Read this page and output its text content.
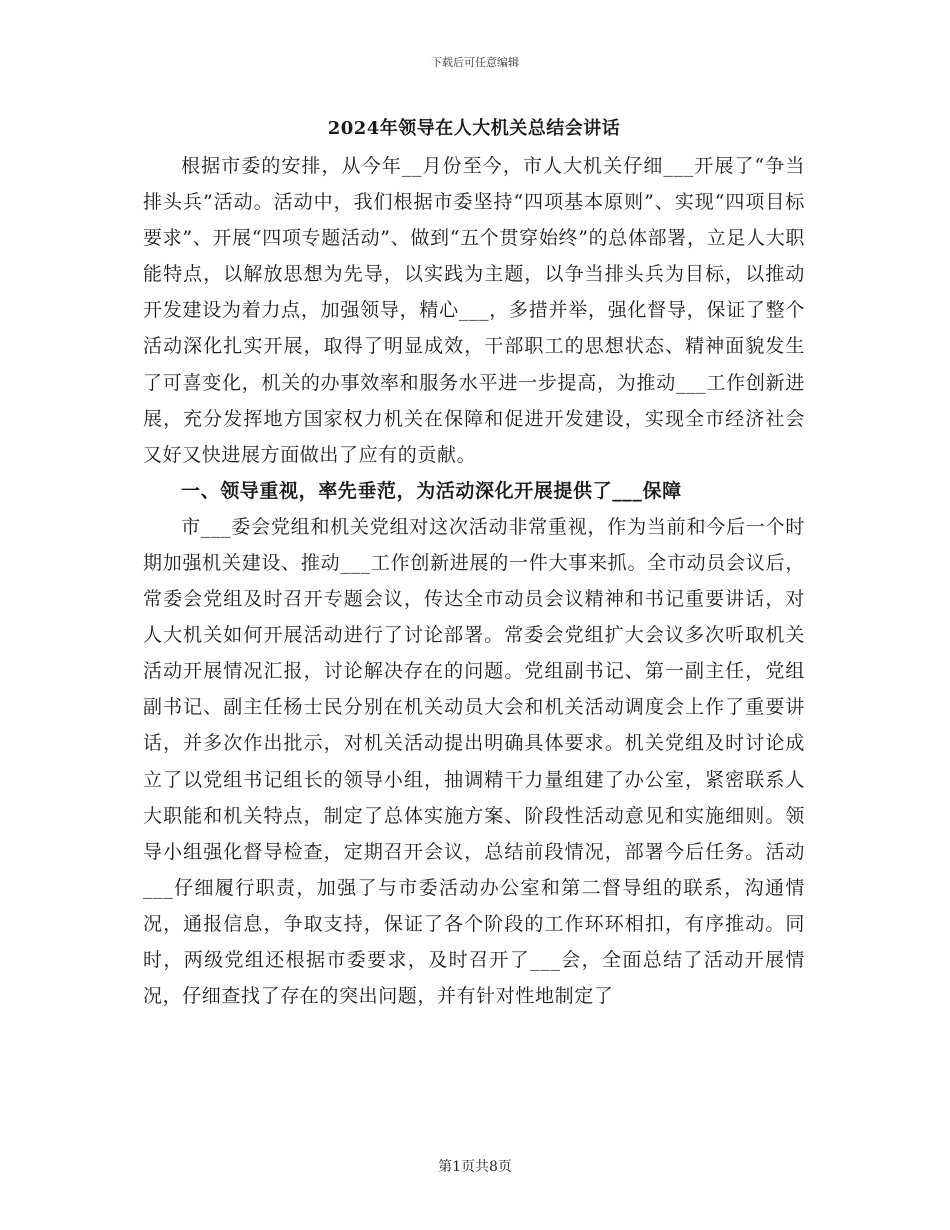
下载后可任意编辑
2024年领导在人大机关总结会讲话

根据市委的安排，从今年__月份至今，市人大机关仔细___开展了“争当排头兵”活动。活动中，我们根据市委坚持“四项基本原则”、实现“四项目标要求”、开展“四项专题活动”、做到“五个贯穿始终”的总体部署，立足人大职能特点，以解放思想为先导，以实践为主题，以争当排头兵为目标，以推动开发建设为着力点，加强领导，精心___，多措并举，强化督导，保证了整个活动深化扎实开展，取得了明显成效，干部职工的思想状态、精神面貌发生了可喜变化，机关的办事效率和服务水平进一步提高，为推动___工作创新进展，充分发挥地方国家权力机关在保障和促进开发建设，实现全市经济社会又好又快进展方面做出了应有的贡献。

一、领导重视，率先垂范，为活动深化开展提供了___保障

市___委会党组和机关党组对这次活动非常重视，作为当前和今后一个时期加强机关建设、推动___工作创新进展的一件大事来抓。全市动员会议后，常委会党组及时召开专题会议，传达全市动员会议精神和书记重要讲话，对人大机关如何开展活动进行了讨论部署。常委会党组扩大会议多次听取机关活动开展情况汇报，讨论解决存在的问题。党组副书记、第一副主任，党组副书记、副主任杨士民分别在机关动员大会和机关活动调度会上作了重要讲话，并多次作出批示，对机关活动提出明确具体要求。机关党组及时讨论成立了以党组书记组长的领导小组，抽调精干力量组建了办公室，紧密联系人大职能和机关特点，制定了总体实施方案、阶段性活动意见和实施细则。领导小组强化督导检查，定期召开会议，总结前段情况，部署今后任务。活动___仔细履行职责，加强了与市委活动办公室和第二督导组的联系，沟通情况，通报信息，争取支持，保证了各个阶段的工作环环相扣，有序推动。同时，两级党组还根据市委要求，及时召开了___会，全面总结了活动开展情况，仔细查找了存在的突出问题，并有针对性地制定了

第1页共8页
